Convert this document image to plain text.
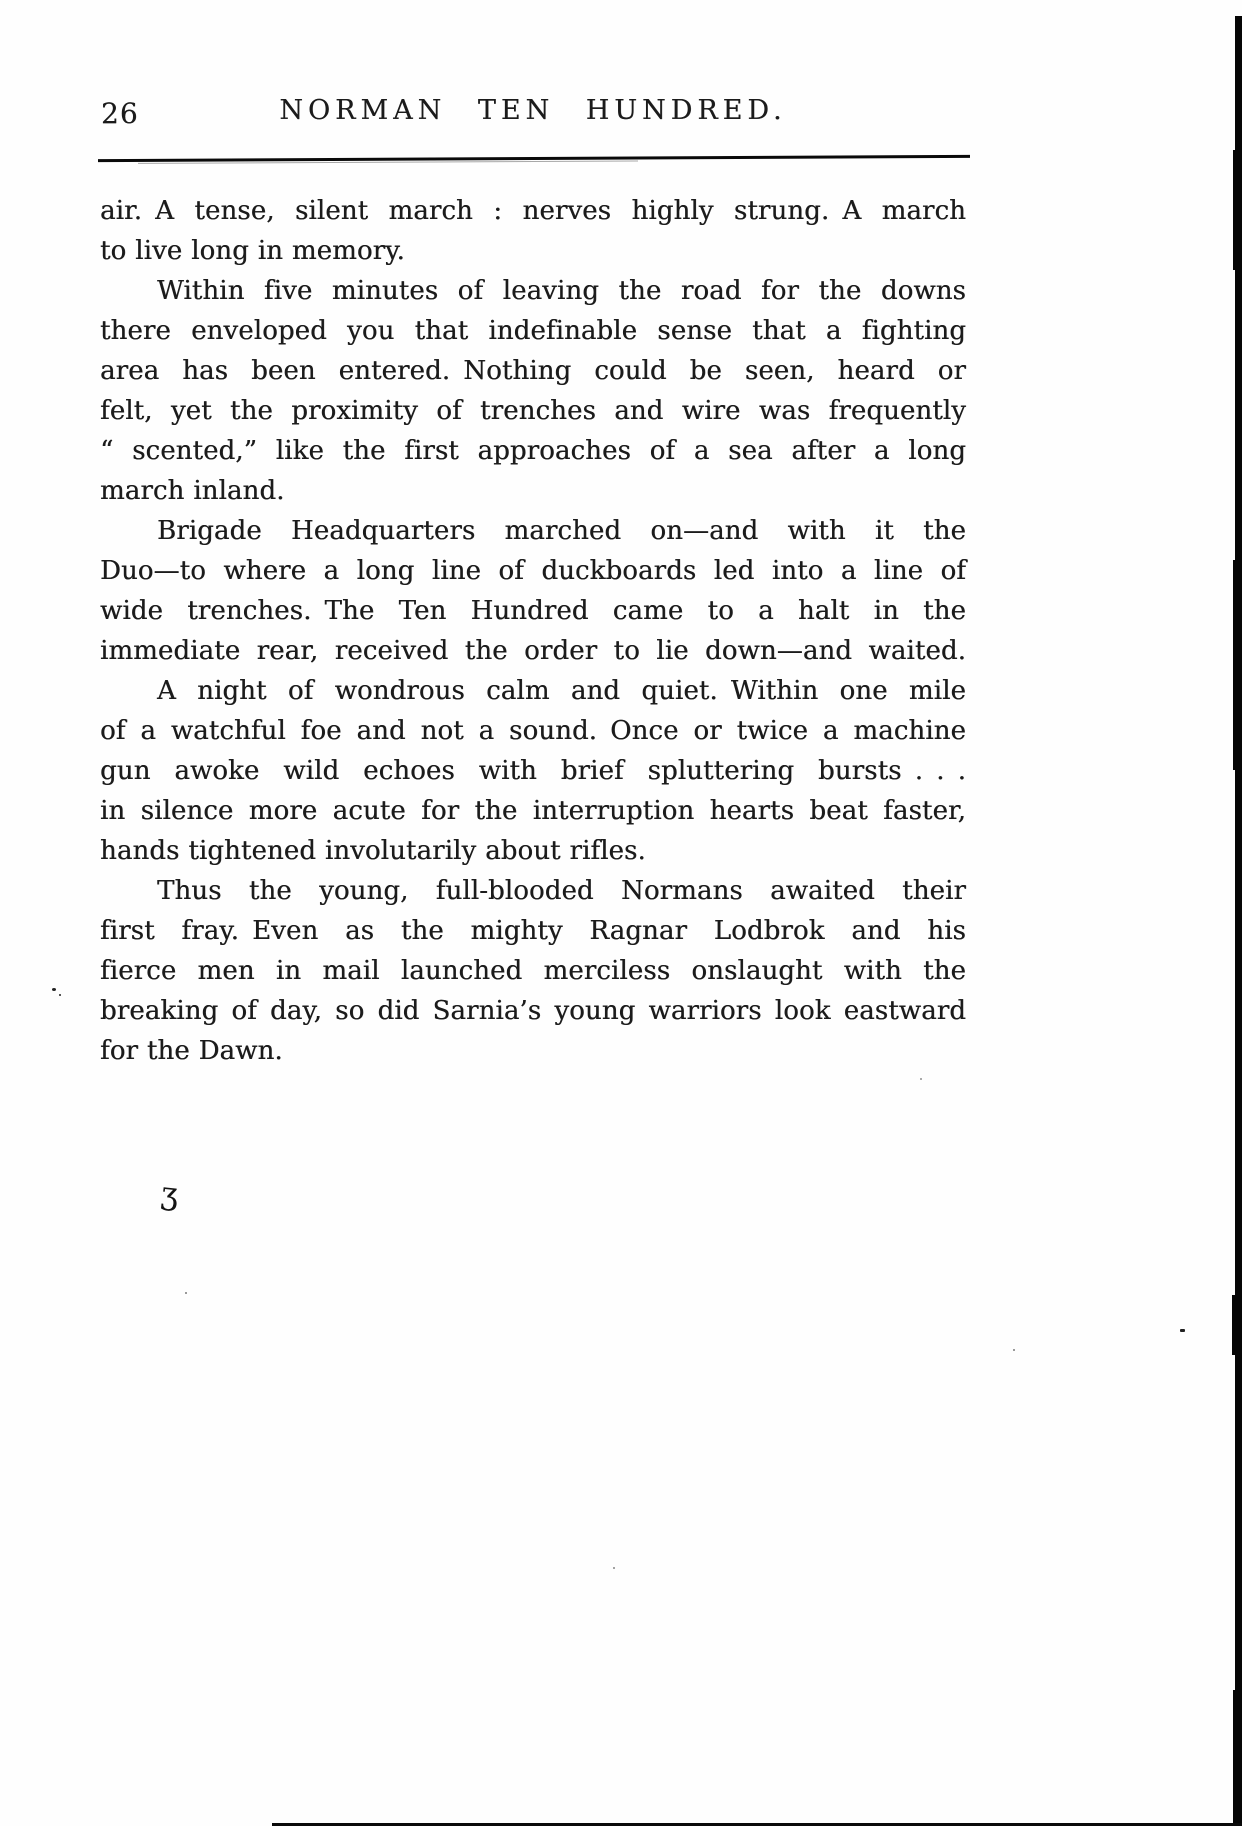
26	NORMAN TEN HUNDRED.
air. A tense, silent march : nerves highly strung. A march
to live long in memory.
Within five minutes of leaving the road for the downs
there enveloped you that indefinable sense that a fighting
area has been entered. Nothing could be seen, heard or
felt, yet the proximity of trenches and wire was frequently
“ scented,” like the first approaches of a sea after a long
march inland.
Brigade Headquarters marched on—and with it the
Duo—to where a long line of duckboards led into a line of
wide trenches. The Ten Hundred came to a halt in the
immediate rear, received the order to lie down—and waited.
A night of wondrous calm and quiet. Within one mile
of a watchful foe and not a sound. Once or twice a machine
gun awoke wild echoes with brief spluttering bursts . . .
in silence more acute for the interruption hearts beat faster,
hands tightened involutarily about rifles.
Thus the young, full-blooded Normans awaited their
first fray. Even as the mighty Ragnar Lodbrok and his
fierce men in mail launched merciless onslaught with the
breaking of day, so did Sarnia’s young warriors look eastward
for the Dawn.
ʒ
